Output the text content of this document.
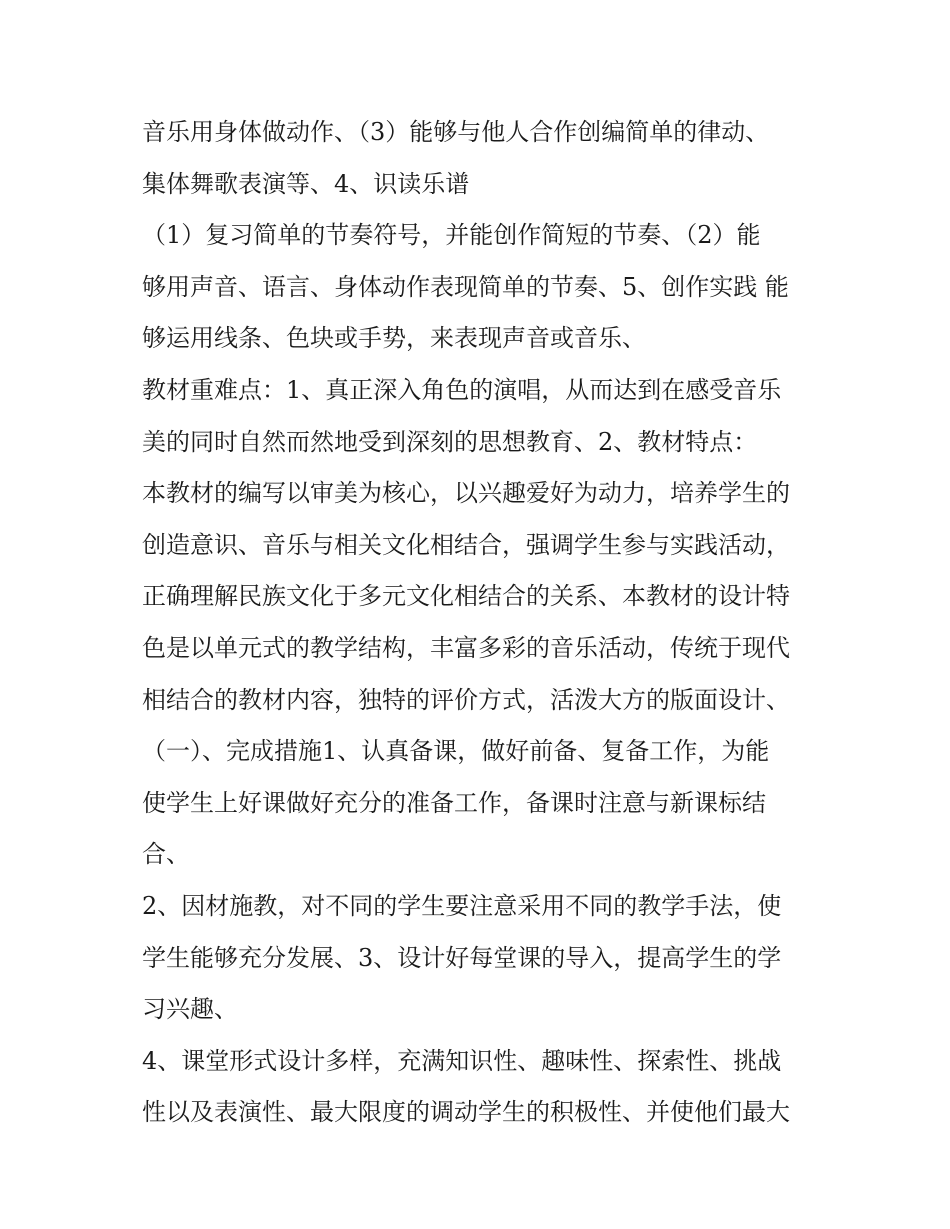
音乐用身体做动作、（3）能够与他人合作创编简单的律动、
集体舞歌表演等、4、识读乐谱
（1）复习简单的节奏符号，并能创作简短的节奏、（2）能
够用声音、语言、身体动作表现简单的节奏、5、创作实践 能
够运用线条、色块或手势，来表现声音或音乐、
教材重难点：1、真正深入角色的演唱，从而达到在感受音乐
美的同时自然而然地受到深刻的思想教育、2、教材特点：
本教材的编写以审美为核心，以兴趣爱好为动力，培养学生的
创造意识、音乐与相关文化相结合，强调学生参与实践活动，
正确理解民族文化于多元文化相结合的关系、本教材的设计特
色是以单元式的教学结构，丰富多彩的音乐活动，传统于现代
相结合的教材内容，独特的评价方式，活泼大方的版面设计、
（一）、完成措施1、认真备课，做好前备、复备工作，为能
使学生上好课做好充分的准备工作，备课时注意与新课标结
合、
2、因材施教，对不同的学生要注意采用不同的教学手法，使
学生能够充分发展、3、设计好每堂课的导入，提高学生的学
习兴趣、
4、课堂形式设计多样，充满知识性、趣味性、探索性、挑战
性以及表演性、最大限度的调动学生的积极性、并使他们最大
